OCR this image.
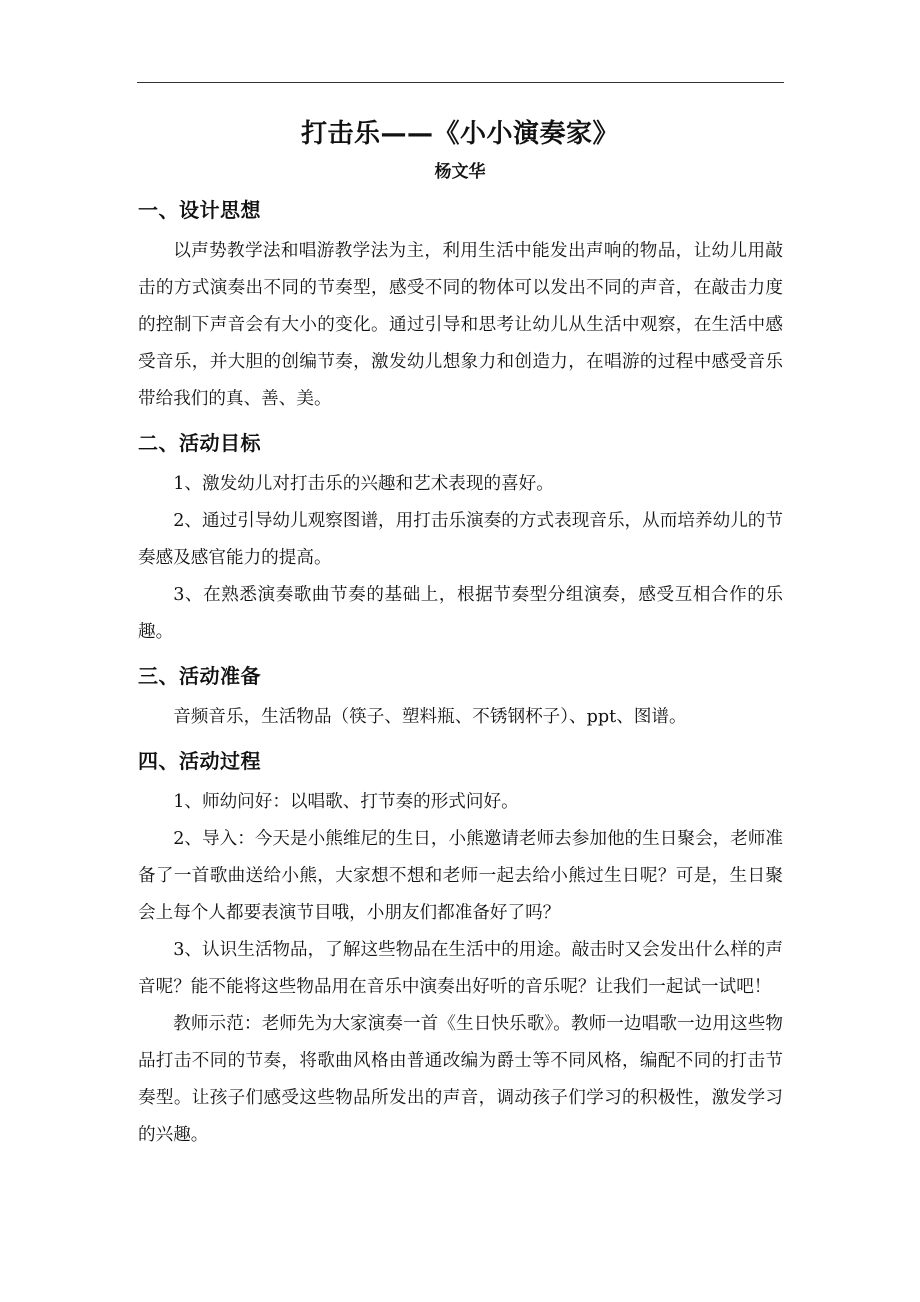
打击乐——《小小演奏家》
杨文华
一、设计思想
以声势教学法和唱游教学法为主，利用生活中能发出声响的物品，让幼儿用敲击的方式演奏出不同的节奏型，感受不同的物体可以发出不同的声音，在敲击力度的控制下声音会有大小的变化。通过引导和思考让幼儿从生活中观察，在生活中感受音乐，并大胆的创编节奏，激发幼儿想象力和创造力，在唱游的过程中感受音乐带给我们的真、善、美。
二、活动目标
1、激发幼儿对打击乐的兴趣和艺术表现的喜好。
2、通过引导幼儿观察图谱，用打击乐演奏的方式表现音乐，从而培养幼儿的节奏感及感官能力的提高。
3、在熟悉演奏歌曲节奏的基础上，根据节奏型分组演奏，感受互相合作的乐趣。
三、活动准备
音频音乐，生活物品（筷子、塑料瓶、不锈钢杯子）、ppt、图谱。
四、活动过程
1、师幼问好：以唱歌、打节奏的形式问好。
2、导入：今天是小熊维尼的生日，小熊邀请老师去参加他的生日聚会，老师准备了一首歌曲送给小熊，大家想不想和老师一起去给小熊过生日呢？可是，生日聚会上每个人都要表演节目哦，小朋友们都准备好了吗？
3、认识生活物品，了解这些物品在生活中的用途。敲击时又会发出什么样的声音呢？能不能将这些物品用在音乐中演奏出好听的音乐呢？让我们一起试一试吧！
教师示范：老师先为大家演奏一首《生日快乐歌》。教师一边唱歌一边用这些物品打击不同的节奏，将歌曲风格由普通改编为爵士等不同风格，编配不同的打击节奏型。让孩子们感受这些物品所发出的声音，调动孩子们学习的积极性，激发学习的兴趣。
